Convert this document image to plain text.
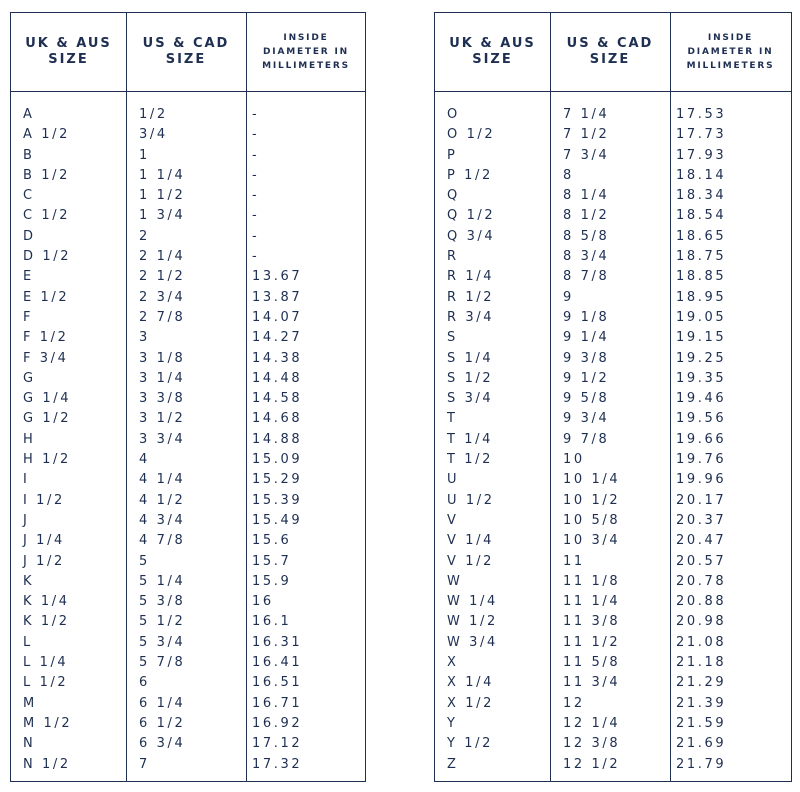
UK & AUS
SIZE
US & CAD
SIZE
INSIDE
DIAMETER IN
MILLIMETERS
A	1/2	-
A 1/2	3/4	-
B	1	-
B 1/2	1 1/4	-
C	1 1/2	-
C 1/2	1 3/4	-
D	2	-
D 1/2	2 1/4	-
E	2 1/2	13.67
E 1/2	2 3/4	13.87
F	2 7/8	14.07
F 1/2	3	14.27
F 3/4	3 1/8	14.38
G	3 1/4	14.48
G 1/4	3 3/8	14.58
G 1/2	3 1/2	14.68
H	3 3/4	14.88
H 1/2	4	15.09
I	4 1/4	15.29
I 1/2	4 1/2	15.39
J	4 3/4	15.49
J 1/4	4 7/8	15.6
J 1/2	5	15.7
K	5 1/4	15.9
K 1/4	5 3/8	16
K 1/2	5 1/2	16.1
L	5 3/4	16.31
L 1/4	5 7/8	16.41
L 1/2	6	16.51
M	6 1/4	16.71
M 1/2	6 1/2	16.92
N	6 3/4	17.12
N 1/2	7	17.32
UK & AUS
SIZE
US & CAD
SIZE
INSIDE
DIAMETER IN
MILLIMETERS
O	7 1/4	17.53
O 1/2	7 1/2	17.73
P	7 3/4	17.93
P 1/2	8	18.14
Q	8 1/4	18.34
Q 1/2	8 1/2	18.54
Q 3/4	8 5/8	18.65
R	8 3/4	18.75
R 1/4	8 7/8	18.85
R 1/2	9	18.95
R 3/4	9 1/8	19.05
S	9 1/4	19.15
S 1/4	9 3/8	19.25
S 1/2	9 1/2	19.35
S 3/4	9 5/8	19.46
T	9 3/4	19.56
T 1/4	9 7/8	19.66
T 1/2	10	19.76
U	10 1/4	19.96
U 1/2	10 1/2	20.17
V	10 5/8	20.37
V 1/4	10 3/4	20.47
V 1/2	11	20.57
W	11 1/8	20.78
W 1/4	11 1/4	20.88
W 1/2	11 3/8	20.98
W 3/4	11 1/2	21.08
X	11 5/8	21.18
X 1/4	11 3/4	21.29
X 1/2	12	21.39
Y	12 1/4	21.59
Y 1/2	12 3/8	21.69
Z	12 1/2	21.79
